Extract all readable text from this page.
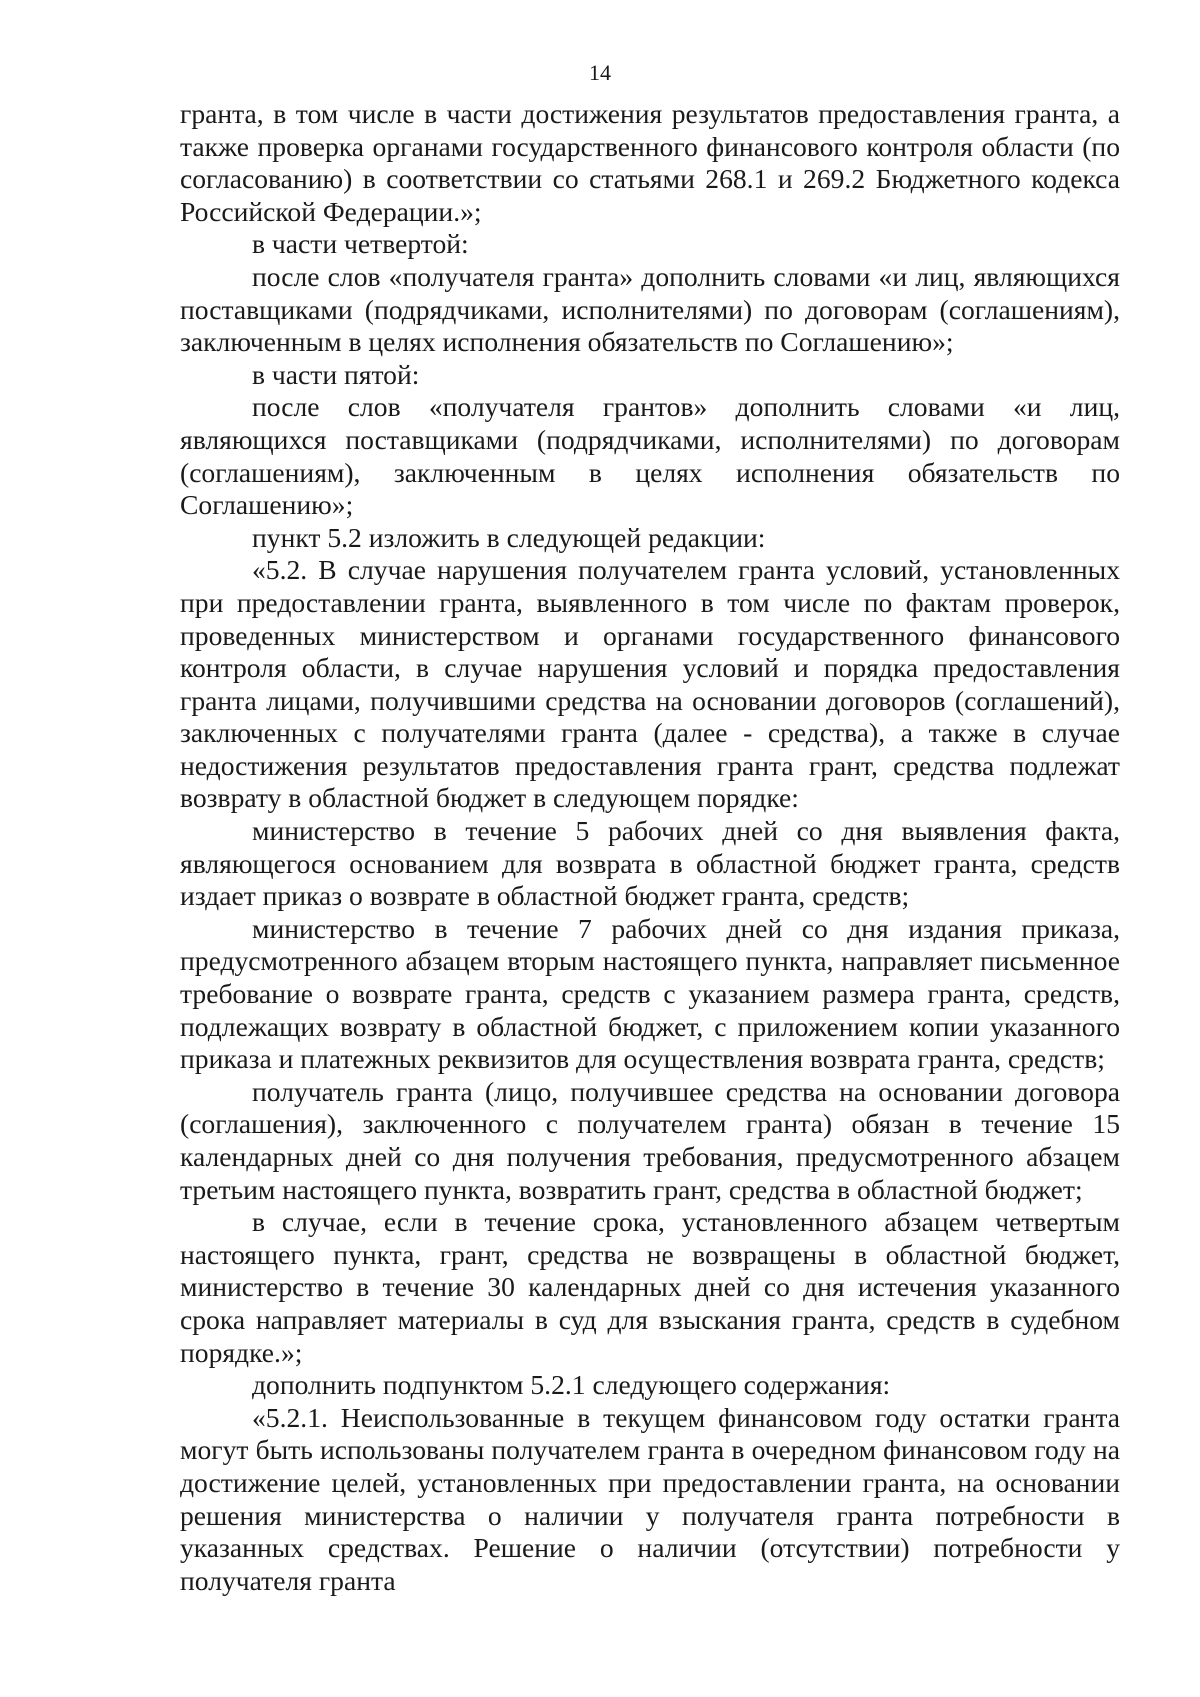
14

гранта, в том числе в части достижения результатов предоставления гранта, а также проверка органами государственного финансового контроля области (по согласованию) в соответствии со статьями 268.1 и 269.2 Бюджетного кодекса Российской Федерации.»;

в части четвертой:

после слов «получателя гранта» дополнить словами «и лиц, являющихся поставщиками (подрядчиками, исполнителями) по договорам (соглашениям), заключенным в целях исполнения обязательств по Соглашению»;

в части пятой:

после слов «получателя грантов» дополнить словами «и лиц, являющихся поставщиками (подрядчиками, исполнителями) по договорам (соглашениям), заключенным в целях исполнения обязательств по Соглашению»;

пункт 5.2 изложить в следующей редакции:

«5.2. В случае нарушения получателем гранта условий, установленных при предоставлении гранта, выявленного в том числе по фактам проверок, проведенных министерством и органами государственного финансового контроля области, в случае нарушения условий и порядка предоставления гранта лицами, получившими средства на основании договоров (соглашений), заключенных с получателями гранта (далее - средства), а также в случае недостижения результатов предоставления гранта грант, средства подлежат возврату в областной бюджет в следующем порядке:

министерство в течение 5 рабочих дней со дня выявления факта, являющегося основанием для возврата в областной бюджет гранта, средств издает приказ о возврате в областной бюджет гранта, средств;

министерство в течение 7 рабочих дней со дня издания приказа, предусмотренного абзацем вторым настоящего пункта, направляет письменное требование о возврате гранта, средств с указанием размера гранта, средств, подлежащих возврату в областной бюджет, с приложением копии указанного приказа и платежных реквизитов для осуществления возврата гранта, средств;

получатель гранта (лицо, получившее средства на основании договора (соглашения), заключенного с получателем гранта) обязан в течение 15 календарных дней со дня получения требования, предусмотренного абзацем третьим настоящего пункта, возвратить грант, средства в областной бюджет;

в случае, если в течение срока, установленного абзацем четвертым настоящего пункта, грант, средства не возвращены в областной бюджет, министерство в течение 30 календарных дней со дня истечения указанного срока направляет материалы в суд для взыскания гранта, средств в судебном порядке.»;

дополнить подпунктом 5.2.1 следующего содержания:

«5.2.1. Неиспользованные в текущем финансовом году остатки гранта могут быть использованы получателем гранта в очередном финансовом году на достижение целей, установленных при предоставлении гранта, на основании решения министерства о наличии у получателя гранта потребности в указанных средствах. Решение о наличии (отсутствии) потребности у получателя гранта
